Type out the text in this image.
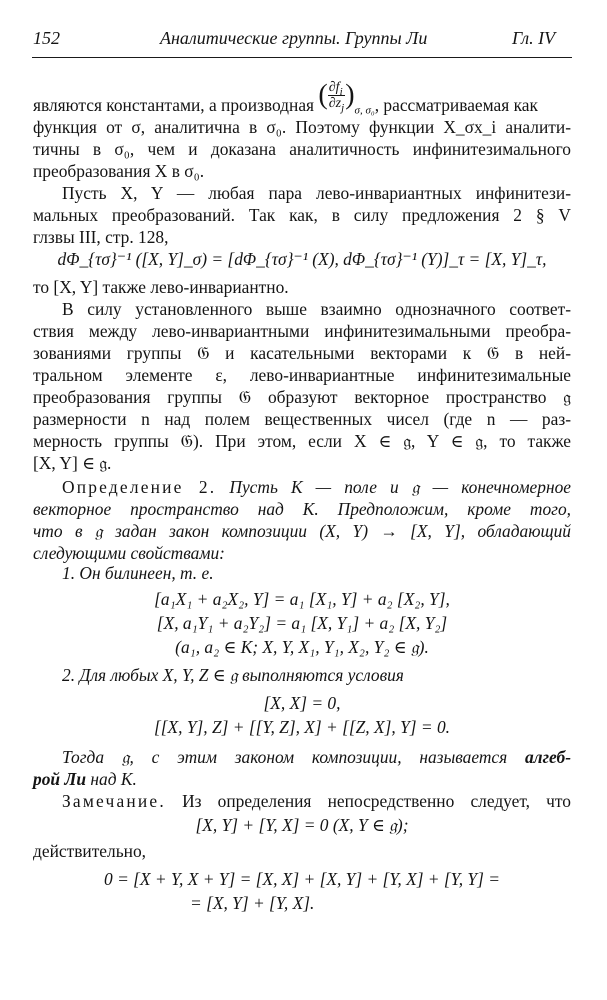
152	Аналитические группы. Группы Ли	Гл. IV
являются константами, а производная ( $\frac{\partial f_i}{\partial z_j} )_{\sigma, \sigma_0}$, рассматриваемая как
функция от σ, аналитична в σ₀. Поэтому функции X_σx_i аналити-
тичны в σ₀, чем и доказана аналитичность инфинитезимального
преобразования X в σ₀.
Пусть X, Y — любая пара лево-инвариантных инфинитези-
мальных преобразований. Так как, в силу предложения 2 § V
глзвы III, стр. 128,
dΦ_{τσ}⁻¹ ([X, Y]_σ) = [dΦ_{τσ}⁻¹ (X), dΦ_{τσ}⁻¹ (Y)]_τ = [X, Y]_τ,
то [X, Y] также лево-инвариантно.
В силу установленного выше взаимно однозначного соответ-
ствия между лево-инвариантными инфинитезимальными преобра-
зованиями группы 𝔊 и касательными векторами к 𝔊 в ней-
тральном элементе ε, лево-инвариантные инфинитезимальные
преобразования группы 𝔊 образуют векторное пространство 𝔤
размерности n над полем вещественных чисел (где n — раз-
мерность группы 𝔊). При этом, если X ∈ 𝔤, Y ∈ 𝔤, то также
[X, Y] ∈ 𝔤.
Определение 2. Пусть K — поле и 𝔤 — конечномерное
векторное пространство над K. Предположим, кроме того,
что в 𝔤 задан закон композиции (X, Y) → [X, Y], обладающий
следующими свойствами:
1. Он билинеен, т. е.
[a₁X₁ + a₂X₂, Y] = a₁ [X₁, Y] + a₂ [X₂, Y],
[X, a₁Y₁ + a₂Y₂] = a₁ [X, Y₁] + a₂ [X, Y₂]
(a₁, a₂ ∈ K; X, Y, X₁, Y₁, X₂, Y₂ ∈ 𝔤).
2. Для любых X, Y, Z ∈ 𝔤 выполняются условия
[X, X] = 0,
[[X, Y], Z] + [[Y, Z], X] + [[Z, X], Y] = 0.
Тогда 𝔤, с этим законом композиции, называется алгеб-
рой Ли над K.
Замечание. Из определения непосредственно следует, что
[X, Y] + [Y, X] = 0 (X, Y ∈ 𝔤);
действительно,
0 = [X + Y, X + Y] = [X, X] + [X, Y] + [Y, X] + [Y, Y] =
= [X, Y] + [Y, X].
